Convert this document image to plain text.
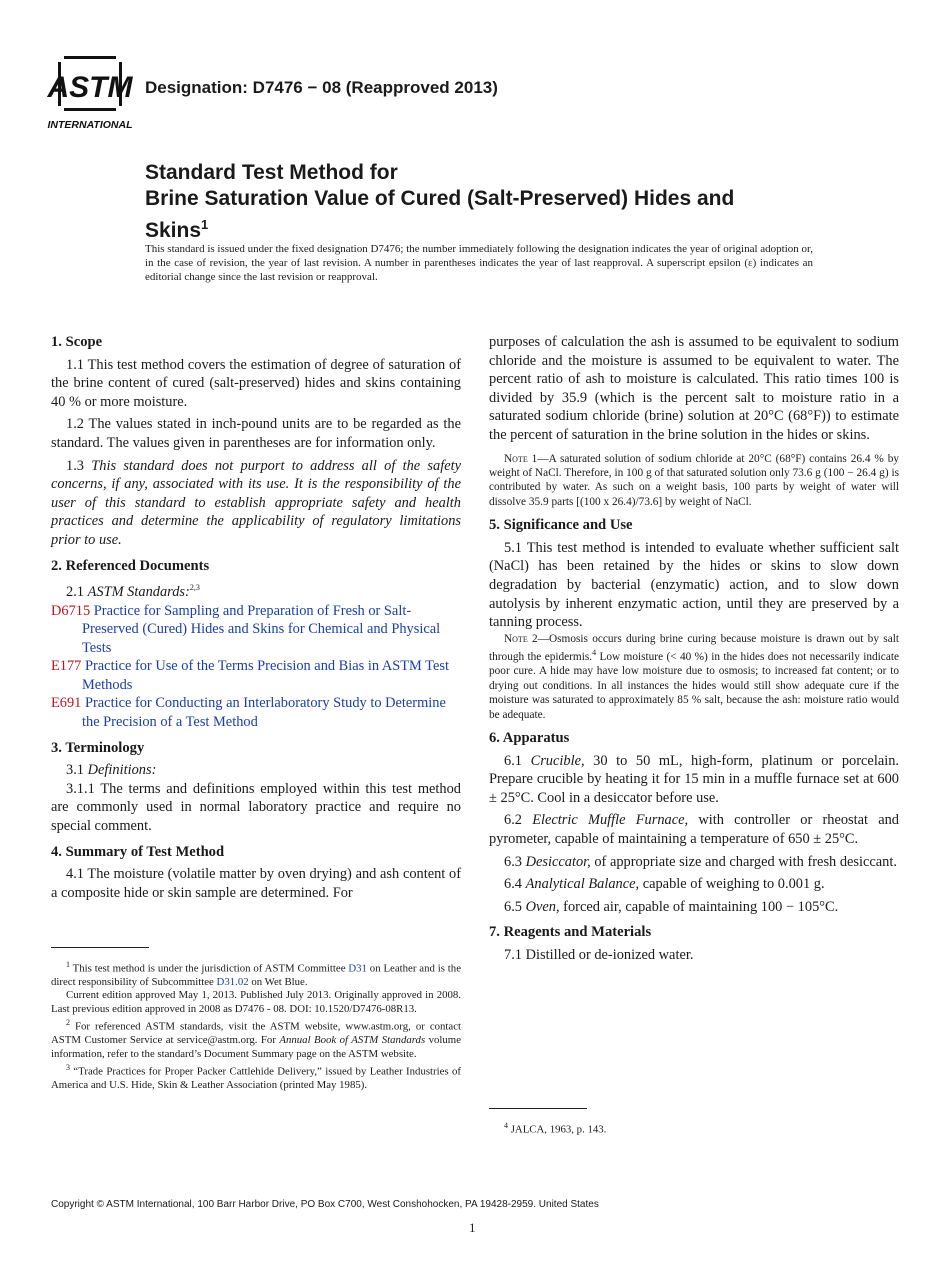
ASTM
INTERNATIONAL
Designation: D7476 − 08 (Reapproved 2013)
Standard Test Method for
Brine Saturation Value of Cured (Salt-Preserved) Hides and
Skins$^1$
This standard is issued under the fixed designation D7476; the number immediately following the designation indicates the year of original adoption or, in the case of revision, the year of last revision. A number in parentheses indicates the year of last reapproval. A superscript epsilon (ε) indicates an editorial change since the last revision or reapproval.
1. Scope

1.1 This test method covers the estimation of degree of saturation of the brine content of cured (salt-preserved) hides and skins containing 40 % or more moisture.

1.2 The values stated in inch-pound units are to be regarded as the standard. The values given in parentheses are for information only.

1.3 This standard does not purport to address all of the safety concerns, if any, associated with its use. It is the responsibility of the user of this standard to establish appropriate safety and health practices and determine the applicability of regulatory limitations prior to use.

2. Referenced Documents

2.1 ASTM Standards:$^{2,3}$

D6715 Practice for Sampling and Preparation of Fresh or Salt-Preserved (Cured) Hides and Skins for Chemical and Physical Tests
E177 Practice for Use of the Terms Precision and Bias in ASTM Test Methods
E691 Practice for Conducting an Interlaboratory Study to Determine the Precision of a Test Method
3. Terminology

3.1 Definitions:

3.1.1 The terms and definitions employed within this test method are commonly used in normal laboratory practice and require no special comment.

4. Summary of Test Method

4.1 The moisture (volatile matter by oven drying) and ash content of a composite hide or skin sample are determined. For

$^1$ This test method is under the jurisdiction of ASTM Committee D31 on Leather and is the direct responsibility of Subcommittee D31.02 on Wet Blue.

Current edition approved May 1, 2013. Published July 2013. Originally approved in 2008. Last previous edition approved in 2008 as D7476 - 08. DOI: 10.1520/D7476-08R13.

$^2$ For referenced ASTM standards, visit the ASTM website, www.astm.org, or contact ASTM Customer Service at service@astm.org. For Annual Book of ASTM Standards volume information, refer to the standard’s Document Summary page on the ASTM website.

$^3$ “Trade Practices for Proper Packer Cattlehide Delivery,” issued by Leather Industries of America and U.S. Hide, Skin & Leather Association (printed May 1985).

purposes of calculation the ash is assumed to be equivalent to sodium chloride and the moisture is assumed to be equivalent to water. The percent ratio of ash to moisture is calculated. This ratio times 100 is divided by 35.9 (which is the percent salt to moisture ratio in a saturated sodium chloride (brine) solution at 20°C (68°F)) to estimate the percent of saturation in the brine solution in the hides or skins.

Note 1—A saturated solution of sodium chloride at 20°C (68°F) contains 26.4 % by weight of NaCl. Therefore, in 100 g of that saturated solution only 73.6 g (100 − 26.4 g) is contributed by water. As such on a weight basis, 100 parts by weight of water will dissolve 35.9 parts [(100 x 26.4)/73.6] by weight of NaCl.
5. Significance and Use

5.1 This test method is intended to evaluate whether sufficient salt (NaCl) has been retained by the hides or skins to slow down degradation by bacterial (enzymatic) action, and to slow down autolysis by inherent enzymatic action, until they are preserved by a tanning process.

Note 2—Osmosis occurs during brine curing because moisture is drawn out by salt through the epidermis.$^4$ Low moisture (< 40 %) in the hides does not necessarily indicate poor cure. A hide may have low moisture due to osmosis; to increased fat content; or to drying out conditions. In all instances the hides would still show adequate cure if the moisture was saturated to approximately 85 % salt, because the ash: moisture ratio would be adequate.
6. Apparatus

6.1 Crucible, 30 to 50 mL, high-form, platinum or porcelain. Prepare crucible by heating it for 15 min in a muffle furnace set at 600 ± 25°C. Cool in a desiccator before use.

6.2 Electric Muffle Furnace, with controller or rheostat and pyrometer, capable of maintaining a temperature of 650 ± 25°C.

6.3 Desiccator, of appropriate size and charged with fresh desiccant.

6.4 Analytical Balance, capable of weighing to 0.001 g.

6.5 Oven, forced air, capable of maintaining 100 − 105°C.

7. Reagents and Materials

7.1 Distilled or de-ionized water.

$^4$ JALCA, 1963, p. 143.

Copyright © ASTM International, 100 Barr Harbor Drive, PO Box C700, West Conshohocken, PA 19428-2959. United States
1
